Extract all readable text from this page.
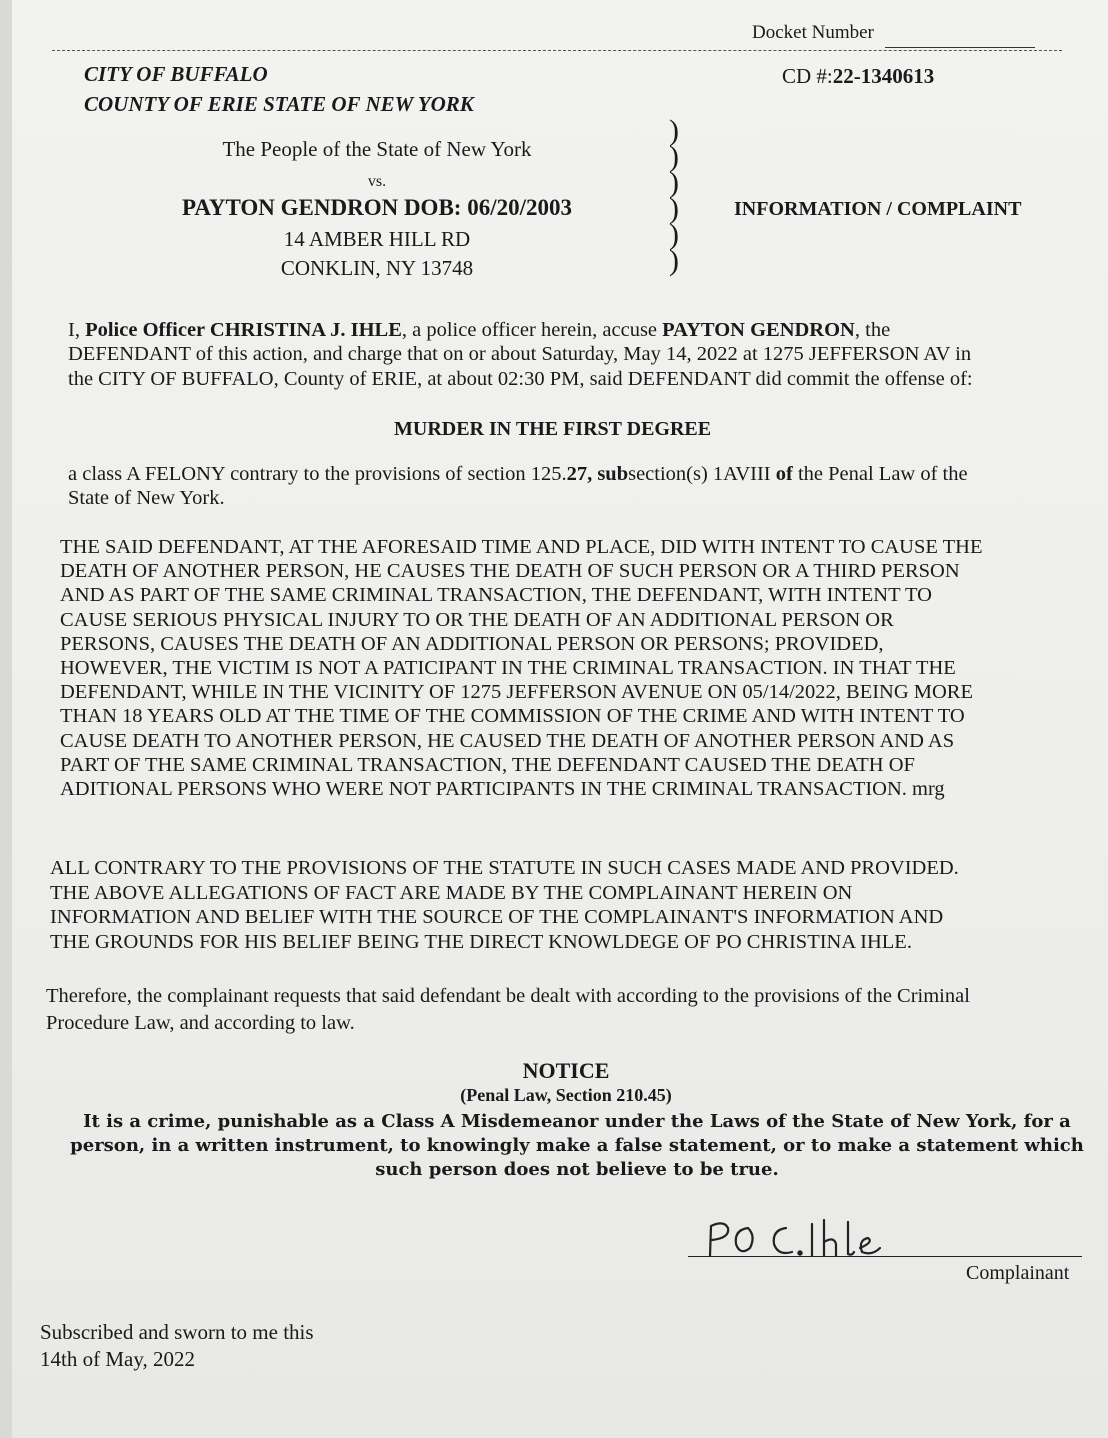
Docket Number
CD #:22-1340613
CITY OF BUFFALO
COUNTY OF ERIE STATE OF NEW YORK
The People of the State of New York
vs.
PAYTON GENDRON DOB: 06/20/2003
14 AMBER HILL RD
CONKLIN, NY 13748
)
)
)
)
)
)
INFORMATION / COMPLAINT
I, Police Officer CHRISTINA J. IHLE, a police officer herein, accuse PAYTON GENDRON, the
DEFENDANT of this action, and charge that on or about Saturday, May 14, 2022 at 1275 JEFFERSON AV in
the CITY OF BUFFALO, County of ERIE, at about 02:30 PM, said DEFENDANT did commit the offense of:
MURDER IN THE FIRST DEGREE
a class A FELONY contrary to the provisions of section 125.27, subsection(s) 1AVIII of the Penal Law of the
State of New York.
THE SAID DEFENDANT, AT THE AFORESAID TIME AND PLACE, DID WITH INTENT TO CAUSE THE
DEATH OF ANOTHER PERSON, HE CAUSES THE DEATH OF SUCH PERSON OR A THIRD PERSON
AND AS PART OF THE SAME CRIMINAL TRANSACTION, THE DEFENDANT, WITH INTENT TO
CAUSE SERIOUS PHYSICAL INJURY TO OR THE DEATH OF AN ADDITIONAL PERSON OR
PERSONS, CAUSES THE DEATH OF AN ADDITIONAL PERSON OR PERSONS; PROVIDED,
HOWEVER, THE VICTIM IS NOT A PATICIPANT IN THE CRIMINAL TRANSACTION. IN THAT THE
DEFENDANT, WHILE IN THE VICINITY OF 1275 JEFFERSON AVENUE ON 05/14/2022, BEING MORE
THAN 18 YEARS OLD AT THE TIME OF THE COMMISSION OF THE CRIME AND WITH INTENT TO
CAUSE DEATH TO ANOTHER PERSON, HE CAUSED THE DEATH OF ANOTHER PERSON AND AS
PART OF THE SAME CRIMINAL TRANSACTION, THE DEFENDANT CAUSED THE DEATH OF
ADITIONAL PERSONS WHO WERE NOT PARTICIPANTS IN THE CRIMINAL TRANSACTION. mrg
ALL CONTRARY TO THE PROVISIONS OF THE STATUTE IN SUCH CASES MADE AND PROVIDED.
THE ABOVE ALLEGATIONS OF FACT ARE MADE BY THE COMPLAINANT HEREIN ON
INFORMATION AND BELIEF WITH THE SOURCE OF THE COMPLAINANT'S INFORMATION AND
THE GROUNDS FOR HIS BELIEF BEING THE DIRECT KNOWLDEGE OF PO CHRISTINA IHLE.
Therefore, the complainant requests that said defendant be dealt with according to the provisions of the Criminal
Procedure Law, and according to law.
NOTICE
(Penal Law, Section 210.45)
It is a crime, punishable as a Class A Misdemeanor under the Laws of the State of New York, for a person, in a written instrument, to knowingly make a false statement, or to make a statement which such person does not believe to be true.
Complainant
Subscribed and sworn to me this
14th of May, 2022
